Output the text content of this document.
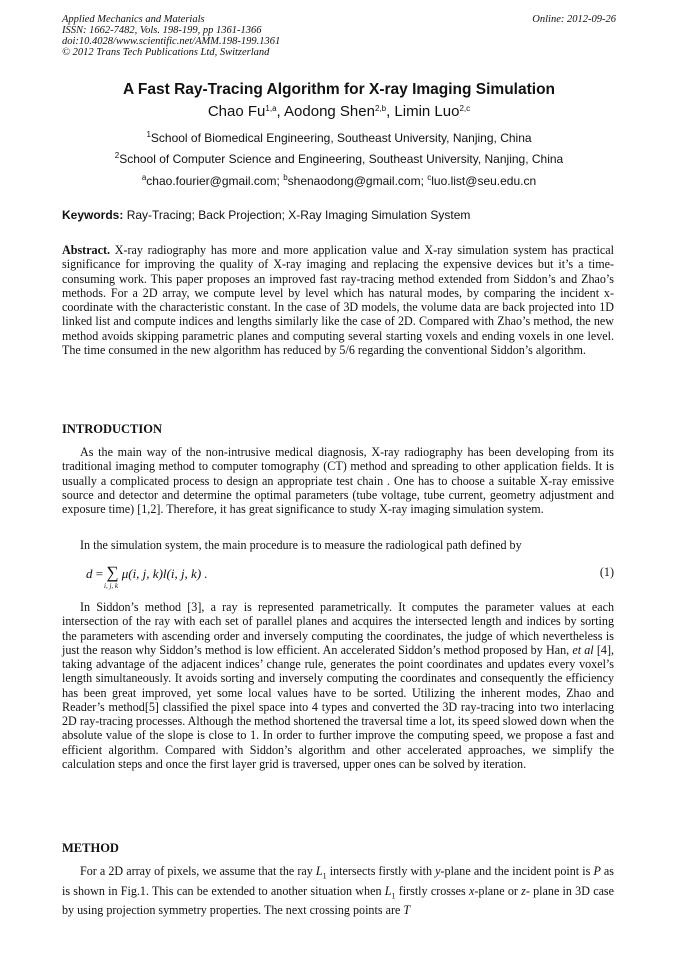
Applied Mechanics and Materials
ISSN: 1662-7482, Vols. 198-199, pp 1361-1366
doi:10.4028/www.scientific.net/AMM.198-199.1361
© 2012 Trans Tech Publications Ltd, Switzerland
Online: 2012-09-26
A Fast Ray-Tracing Algorithm for X-ray Imaging Simulation
Chao Fu$^{1,a}$, Aodong Shen$^{2,b}$, Limin Luo$^{2,c}$
$^1$School of Biomedical Engineering, Southeast University, Nanjing, China
$^2$School of Computer Science and Engineering, Southeast University, Nanjing, China
$^a$chao.fourier@gmail.com; $^b$shenaodong@gmail.com; $^c$luo.list@seu.edu.cn
Keywords: Ray-Tracing; Back Projection; X-Ray Imaging Simulation System
Abstract. X-ray radiography has more and more application value and X-ray simulation system has practical significance for improving the quality of X-ray imaging and replacing the expensive devices but it’s a time-consuming work. This paper proposes an improved fast ray-tracing method extended from Siddon’s and Zhao’s methods. For a 2D array, we compute level by level which has natural modes, by comparing the incident x-coordinate with the characteristic constant. In the case of 3D models, the volume data are back projected into 1D linked list and compute indices and lengths similarly like the case of 2D. Compared with Zhao’s method, the new method avoids skipping parametric planes and computing several starting voxels and ending voxels in one level. The time consumed in the new algorithm has reduced by 5/6 regarding the conventional Siddon’s algorithm.
INTRODUCTION
As the main way of the non-intrusive medical diagnosis, X-ray radiography has been developing from its traditional imaging method to computer tomography (CT) method and spreading to other application fields. It is usually a complicated process to design an appropriate test chain . One has to choose a suitable X-ray emissive source and detector and determine the optimal parameters (tube voltage, tube current, geometry adjustment and exposure time) [1,2]. Therefore, it has great significance to study X-ray imaging simulation system.
In the simulation system, the main procedure is to measure the radiological path defined by
d = ∑ μ(i, j, k)l(i, j, k) .
i, j, k
(1)
In Siddon’s method [3], a ray is represented parametrically. It computes the parameter values at each intersection of the ray with each set of parallel planes and acquires the intersected length and indices by sorting the parameters with ascending order and inversely computing the coordinates, the judge of which nevertheless is just the reason why Siddon’s method is low efficient. An accelerated Siddon’s method proposed by Han, et al [4], taking advantage of the adjacent indices’ change rule, generates the point coordinates and updates every voxel’s length simultaneously. It avoids sorting and inversely computing the coordinates and consequently the efficiency has been great improved, yet some local values have to be sorted. Utilizing the inherent modes, Zhao and Reader’s method[5] classified the pixel space into 4 types and converted the 3D ray-tracing into two interlacing 2D ray-tracing processes. Although the method shortened the traversal time a lot, its speed slowed down when the absolute value of the slope is close to 1. In order to further improve the computing speed, we propose a fast and efficient algorithm. Compared with Siddon’s algorithm and other accelerated approaches, we simplify the calculation steps and once the first layer grid is traversed, upper ones can be solved by iteration.
METHOD
For a 2D array of pixels, we assume that the ray $L_1$ intersects firstly with y-plane and the incident point is P as is shown in Fig.1. This can be extended to another situation when $L_1$ firstly crosses x-plane or z- plane in 3D case by using projection symmetry properties. The next crossing points are T
